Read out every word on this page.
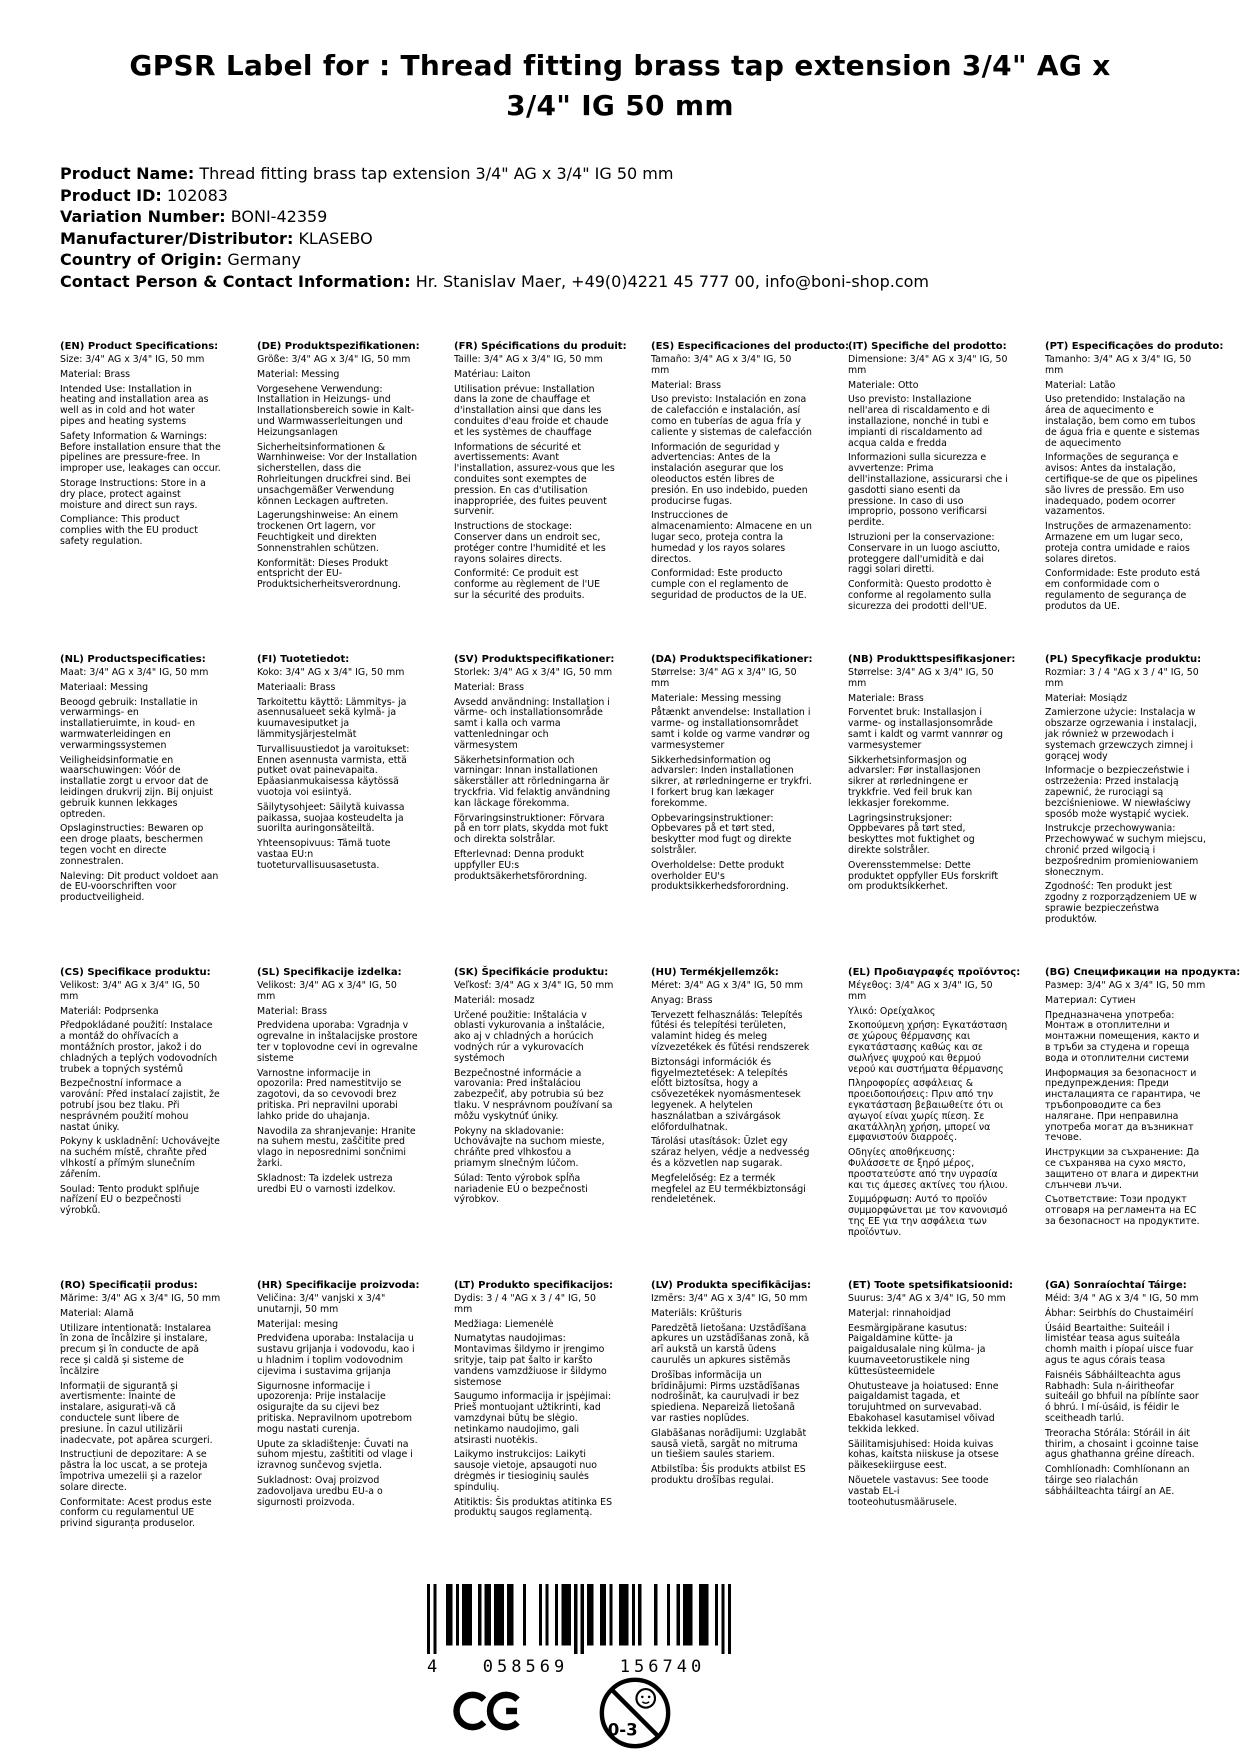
GPSR Label for : Thread fitting brass tap extension 3/4" AG x 3/4" IG 50 mm
Product Name: Thread fitting brass tap extension 3/4" AG x 3/4" IG 50 mm
Product ID: 102083
Variation Number: BONI-42359
Manufacturer/Distributor: KLASEBO
Country of Origin: Germany
Contact Person & Contact Information: Hr. Stanislav Maer, +49(0)4221 45 777 00, info@boni-shop.com
(EN) Product Specifications:

Size: 3/4" AG x 3/4" IG, 50 mm

Material: Brass

Intended Use: Installation in heating and installation area as well as in cold and hot water pipes and heating systems

Safety Information & Warnings: Before installation ensure that the pipelines are pressure-free. In improper use, leakages can occur.

Storage Instructions: Store in a dry place, protect against moisture and direct sun rays.

Compliance: This product complies with the EU product safety regulation.

(DE) Produktspezifikationen:

Größe: 3/4" AG x 3/4" IG, 50 mm

Material: Messing

Vorgesehene Verwendung: Installation in Heizungs- und Installationsbereich sowie in Kalt- und Warmwasserleitungen und Heizungsanlagen

Sicherheitsinformationen & Warnhinweise: Vor der Installation sicherstellen, dass die Rohrleitungen druckfrei sind. Bei unsachgemäßer Verwendung können Leckagen auftreten.

Lagerungshinweise: An einem trockenen Ort lagern, vor Feuchtigkeit und direkten Sonnenstrahlen schützen.

Konformität: Dieses Produkt entspricht der EU-Produktsicherheitsverordnung.

(FR) Spécifications du produit:

Taille: 3/4" AG x 3/4" IG, 50 mm

Matériau: Laiton

Utilisation prévue: Installation dans la zone de chauffage et d'installation ainsi que dans les conduites d'eau froide et chaude et les systèmes de chauffage

Informations de sécurité et avertissements: Avant l'installation, assurez-vous que les conduites sont exemptes de pression. En cas d'utilisation inappropriée, des fuites peuvent survenir.

Instructions de stockage: Conserver dans un endroit sec, protéger contre l'humidité et les rayons solaires directs.

Conformité: Ce produit est conforme au règlement de l'UE sur la sécurité des produits.

(ES) Especificaciones del producto:

Tamaño: 3/4" AG x 3/4" IG, 50 mm

Material: Brass

Uso previsto: Instalación en zona de calefacción e instalación, así como en tuberías de agua fría y caliente y sistemas de calefacción

Información de seguridad y advertencias: Antes de la instalación asegurar que los oleoductos estén libres de presión. En uso indebido, pueden producirse fugas.

Instrucciones de almacenamiento: Almacene en un lugar seco, proteja contra la humedad y los rayos solares directos.

Conformidad: Este producto cumple con el reglamento de seguridad de productos de la UE.

(IT) Specifiche del prodotto:

Dimensione: 3/4" AG x 3/4" IG, 50 mm

Materiale: Otto

Uso previsto: Installazione nell'area di riscaldamento e di installazione, nonché in tubi e impianti di riscaldamento ad acqua calda e fredda

Informazioni sulla sicurezza e avvertenze: Prima dell'installazione, assicurarsi che i gasdotti siano esenti da pressione. In caso di uso improprio, possono verificarsi perdite.

Istruzioni per la conservazione: Conservare in un luogo asciutto, proteggere dall'umidità e dai raggi solari diretti.

Conformità: Questo prodotto è conforme al regolamento sulla sicurezza dei prodotti dell'UE.

(PT) Especificações do produto:

Tamanho: 3/4" AG x 3/4" IG, 50 mm

Material: Latão

Uso pretendido: Instalação na área de aquecimento e instalação, bem como em tubos de água fria e quente e sistemas de aquecimento

Informações de segurança e avisos: Antes da instalação, certifique-se de que os pipelines são livres de pressão. Em uso inadequado, podem ocorrer vazamentos.

Instruções de armazenamento: Armazene em um lugar seco, proteja contra umidade e raios solares diretos.

Conformidade: Este produto está em conformidade com o regulamento de segurança de produtos da UE.

(NL) Productspecificaties:

Maat: 3/4" AG x 3/4" IG, 50 mm

Materiaal: Messing

Beoogd gebruik: Installatie in verwarmings- en installatieruimte, in koud- en warmwaterleidingen en verwarmingssystemen

Veiligheidsinformatie en waarschuwingen: Vóór de installatie zorgt u ervoor dat de leidingen drukvrij zijn. Bij onjuist gebruik kunnen lekkages optreden.

Opslaginstructies: Bewaren op een droge plaats, beschermen tegen vocht en directe zonnestralen.

Naleving: Dit product voldoet aan de EU-voorschriften voor productveiligheid.

(FI) Tuotetiedot:

Koko: 3/4" AG x 3/4" IG, 50 mm

Materiaali: Brass

Tarkoitettu käyttö: Lämmitys- ja asennusalueet sekä kylmä- ja kuumavesiputket ja lämmitysjärjestelmät

Turvallisuustiedot ja varoitukset: Ennen asennusta varmista, että putket ovat painevapaita. Epäasianmukaisessa käytössä vuotoja voi esiintyä.

Säilytysohjeet: Säilytä kuivassa paikassa, suojaa kosteudelta ja suorilta auringonsäteiltä.

Yhteensopivuus: Tämä tuote vastaa EU:n tuoteturvallisuusasetusta.

(SV) Produktspecifikationer:

Storlek: 3/4" AG x 3/4" IG, 50 mm

Material: Brass

Avsedd användning: Installation i värme- och installationsområde samt i kalla och varma vattenledningar och värmesystem

Säkerhetsinformation och varningar: Innan installationen säkerställer att rörledningarna är tryckfria. Vid felaktig användning kan läckage förekomma.

Förvaringsinstruktioner: Förvara på en torr plats, skydda mot fukt och direkta solstrålar.

Efterlevnad: Denna produkt uppfyller EU:s produktsäkerhetsförordning.

(DA) Produktspecifikationer:

Størrelse: 3/4" AG x 3/4" IG, 50 mm

Materiale: Messing messing

Påtænkt anvendelse: Installation i varme- og installationsområdet samt i kolde og varme vandrør og varmesystemer

Sikkerhedsinformation og advarsler: Inden installationen sikrer, at rørledningerne er trykfri. I forkert brug kan lækager forekomme.

Opbevaringsinstruktioner: Opbevares på et tørt sted, beskytter mod fugt og direkte solstråler.

Overholdelse: Dette produkt overholder EU's produktsikkerhedsforordning.

(NB) Produkttspesifikasjoner:

Størrelse: 3/4" AG x 3/4" IG, 50 mm

Materiale: Brass

Forventet bruk: Installasjon i varme- og installasjonsområde samt i kaldt og varmt vannrør og varmesystemer

Sikkerhetsinformasjon og advarsler: Før installasjonen sikrer at rørledningene er trykkfrie. Ved feil bruk kan lekkasjer forekomme.

Lagringsinstruksjoner: Oppbevares på tørt sted, beskyttes mot fuktighet og direkte solstråler.

Overensstemmelse: Dette produktet oppfyller EUs forskrift om produktsikkerhet.

(PL) Specyfikacje produktu:

Rozmiar: 3 / 4 "AG x 3 / 4" IG, 50 mm

Materiał: Mosiądz

Zamierzone użycie: Instalacja w obszarze ogrzewania i instalacji, jak również w przewodach i systemach grzewczych zimnej i gorącej wody

Informacje o bezpieczeństwie i ostrzeżenia: Przed instalacją zapewnić, że rurociągi są bezciśnieniowe. W niewłaściwy sposób może wystąpić wyciek.

Instrukcje przechowywania: Przechowywać w suchym miejscu, chronić przed wilgocią i bezpośrednim promieniowaniem słonecznym.

Zgodność: Ten produkt jest zgodny z rozporządzeniem UE w sprawie bezpieczeństwa produktów.

(CS) Specifikace produktu:

Velikost: 3/4" AG x 3/4" IG, 50 mm

Materiál: Podprsenka

Předpokládané použití: Instalace a montáž do ohřívacích a montážních prostor, jakož i do chladných a teplých vodovodních trubek a topných systémů

Bezpečnostní informace a varování: Před instalací zajistit, že potrubí jsou bez tlaku. Při nesprávném použití mohou nastat úniky.

Pokyny k uskladnění: Uchovávejte na suchém místě, chraňte před vlhkostí a přímým slunečním zářením.

Soulad: Tento produkt splňuje nařízení EU o bezpečnosti výrobků.

(SL) Specifikacije izdelka:

Velikost: 3/4" AG x 3/4" IG, 50 mm

Material: Brass

Predvidena uporaba: Vgradnja v ogrevalne in inštalacijske prostore ter v toplovodne cevi in ogrevalne sisteme

Varnostne informacije in opozorila: Pred namestitvijo se zagotovi, da so cevovodi brez pritiska. Pri nepravilni uporabi lahko pride do uhajanja.

Navodila za shranjevanje: Hranite na suhem mestu, zaščitite pred vlago in neposrednimi sončnimi žarki.

Skladnost: Ta izdelek ustreza uredbi EU o varnosti izdelkov.

(SK) Špecifikácie produktu:

Veľkosť: 3/4" AG x 3/4" IG, 50 mm

Materiál: mosadz

Určené použitie: Inštalácia v oblasti vykurovania a inštalácie, ako aj v chladných a horúcich vodných rúr a vykurovacích systémoch

Bezpečnostné informácie a varovania: Pred inštaláciou zabezpečiť, aby potrubia sú bez tlaku. V nesprávnom používaní sa môžu vyskytnúť úniky.

Pokyny na skladovanie: Uchovávajte na suchom mieste, chráňte pred vlhkosťou a priamym slnečným lúčom.

Súlad: Tento výrobok spĺňa nariadenie EÚ o bezpečnosti výrobkov.

(HU) Termékjellemzők:

Méret: 3/4" AG x 3/4" IG, 50 mm

Anyag: Brass

Tervezett felhasználás: Telepítés fűtési és telepítési területen, valamint hideg és meleg vízvezetékek és fűtési rendszerek

Biztonsági információk és figyelmeztetések: A telepítés előtt biztosítsa, hogy a csővezetékek nyomásmentesek legyenek. A helytelen használatban a szivárgások előfordulhatnak.

Tárolási utasítások: Üzlet egy száraz helyen, védje a nedvesség és a közvetlen nap sugarak.

Megfelelőség: Ez a termék megfelel az EU termékbiztonsági rendeletének.

(EL) Προδιαγραφές προϊόντος:

Μέγεθος: 3/4" AG x 3/4" IG, 50 mm

Υλικό: Ορείχαλκος

Σκοπούμενη χρήση: Εγκατάσταση σε χώρους θέρμανσης και εγκατάστασης καθώς και σε σωλήνες ψυχρού και θερμού νερού και συστήματα θέρμανσης

Πληροφορίες ασφάλειας & προειδοποιήσεις: Πριν από την εγκατάσταση βεβαιωθείτε ότι οι αγωγοί είναι χωρίς πίεση. Σε ακατάλληλη χρήση, μπορεί να εμφανιστούν διαρροές.

Οδηγίες αποθήκευσης: Φυλάσσετε σε ξηρό μέρος, προστατεύστε από την υγρασία και τις άμεσες ακτίνες του ήλιου.

Συμμόρφωση: Αυτό το προϊόν συμμορφώνεται με τον κανονισμό της ΕΕ για την ασφάλεια των προϊόντων.

(BG) Спецификации на продукта:

Размер: 3/4" AG x 3/4" IG, 50 mm

Материал: Сутиен

Предназначена употреба: Монтаж в отоплителни и монтажни помещения, както и в тръби за студена и гореща вода и отоплителни системи

Информация за безопасност и предупреждения: Преди инсталацията се гарантира, че тръбопроводите са без налягане. При неправилна употреба могат да възникнат течове.

Инструкции за съхранение: Да се съхранява на сухо място, защитено от влага и директни слънчеви лъчи.

Съответствие: Този продукт отговаря на регламента на ЕС за безопасност на продуктите.

(RO) Specificații produs:

Mărime: 3/4" AG x 3/4" IG, 50 mm

Material: Alamă

Utilizare intenționată: Instalarea în zona de încălzire și instalare, precum și în conducte de apă rece și caldă și sisteme de încălzire

Informații de siguranță și avertismente: Înainte de instalare, asigurați-vă că conductele sunt libere de presiune. În cazul utilizării inadecvate, pot apărea scurgeri.

Instrucțiuni de depozitare: A se păstra la loc uscat, a se proteja împotriva umezelii și a razelor solare directe.

Conformitate: Acest produs este conform cu regulamentul UE privind siguranța produselor.

(HR) Specifikacije proizvoda:

Veličina: 3/4" vanjski x 3/4" unutarnji, 50 mm

Materijal: mesing

Predviđena uporaba: Instalacija u sustavu grijanja i vodovodu, kao i u hladnim i toplim vodovodnim cijevima i sustavima grijanja

Sigurnosne informacije i upozorenja: Prije instalacije osigurajte da su cijevi bez pritiska. Nepravilnom upotrebom mogu nastati curenja.

Upute za skladištenje: Čuvati na suhom mjestu, zaštititi od vlage i izravnog sunčevog svjetla.

Sukladnost: Ovaj proizvod zadovoljava uredbu EU-a o sigurnosti proizvoda.

(LT) Produkto specifikacijos:

Dydis: 3 / 4 "AG x 3 / 4" IG, 50 mm

Medžiaga: Liemenėlė

Numatytas naudojimas: Montavimas šildymo ir įrengimo srityje, taip pat šalto ir karšto vandens vamzdžiuose ir šildymo sistemose

Saugumo informacija ir įspėjimai: Prieš montuojant užtikrinti, kad vamzdynai būtų be slėgio. netinkamo naudojimo, gali atsirasti nuotėkis.

Laikymo instrukcijos: Laikyti sausoje vietoje, apsaugoti nuo drėgmės ir tiesioginių saulės spindulių.

Atitiktis: Šis produktas atitinka ES produktų saugos reglamentą.

(LV) Produkta specifikācijas:

Izmērs: 3/4" AG x 3/4" IG, 50 mm

Materiāls: Krūšturis

Paredzētā lietošana: Uzstādīšana apkures un uzstādīšanas zonā, kā arī aukstā un karstā ūdens caurulēs un apkures sistēmās

Drošības informācija un brīdinājumi: Pirms uzstādīšanas nodrošināt, ka cauruļvadi ir bez spiediena. Nepareizā lietošanā var rasties noplūdes.

Glabāšanas norādījumi: Uzglabāt sausā vietā, sargāt no mitruma un tiešiem saules stariem.

Atbilstība: Šis produkts atbilst ES produktu drošības regulai.

(ET) Toote spetsifikatsioonid:

Suurus: 3/4" AG x 3/4" IG, 50 mm

Materjal: rinnahoidjad

Eesmärgipärane kasutus: Paigaldamine kütte- ja paigaldusalale ning külma- ja kuumaveetorustikele ning küttesüsteemidele

Ohutusteave ja hoiatused: Enne paigaldamist tagada, et torujuhtmed on survevabad. Ebakohasel kasutamisel võivad tekkida lekked.

Säilitamisjuhised: Hoida kuivas kohas, kaitsta niiskuse ja otsese päikesekiirguse eest.

Nõuetele vastavus: See toode vastab EL-i tooteohutusmäärusele.

(GA) Sonraíochtaí Táirge:

Méid: 3/4 " AG x 3/4 " IG, 50 mm

Ábhar: Seirbhís do Chustaiméirí

Úsáid Beartaithe: Suiteáil i limistéar teasa agus suiteála chomh maith i píopaí uisce fuar agus te agus córais teasa

Faisnéis Sábháilteachta agus Rabhadh: Sula n-áiritheofar suiteáil go bhfuil na píblínte saor ó bhrú. I mí-úsáid, is féidir le sceitheadh tarlú.

Treoracha Stórála: Stóráil in áit thirim, a chosaint i gcoinne taise agus ghathanna gréine díreach.

Comhlíonadh: Comhlíonann an táirge seo rialachán sábháilteachta táirgí an AE.

4	058569	156740
0-3
